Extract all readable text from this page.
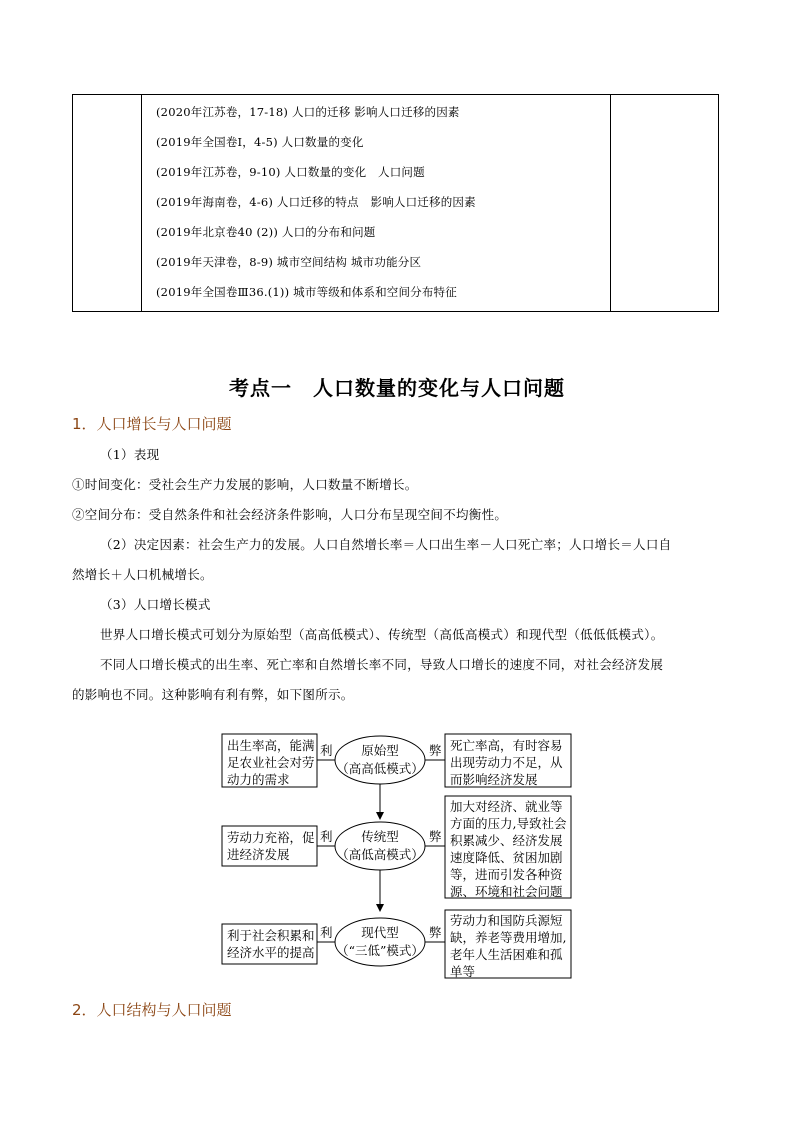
(2020年江苏卷，17-18) 人口的迁移 影响人口迁移的因素
(2019年全国卷Ⅰ，4-5) 人口数量的变化
(2019年江苏卷，9-10) 人口数量的变化　人口问题
(2019年海南卷，4-6) 人口迁移的特点　影响人口迁移的因素
(2019年北京卷40 (2)) 人口的分布和问题
(2019年天津卷，8-9) 城市空间结构 城市功能分区
(2019年全国卷Ⅲ36.(1)) 城市等级和体系和空间分布特征

考点一　人口数量的变化与人口问题
1．人口增长与人口问题
（1）表现
①时间变化：受社会生产力发展的影响，人口数量不断增长。
②空间分布：受自然条件和社会经济条件影响，人口分布呈现空间不均衡性。
（2）决定因素：社会生产力的发展。人口自然增长率＝人口出生率－人口死亡率；人口增长＝人口自
然增长＋人口机械增长。
（3）人口增长模式
世界人口增长模式可划分为原始型（高高低模式）、传统型（高低高模式）和现代型（低低低模式）。
不同人口增长模式的出生率、死亡率和自然增长率不同，导致人口增长的速度不同，对社会经济发展
的影响也不同。这种影响有利有弊，如下图所示。
出生率高，能满
足农业社会对劳
动力的需求
利	原始型
（高高低模式）
弊 死亡率高，有时容易
出现劳动力不足，从
而影响经济发展
劳动力充裕，促
进经济发展
利	传统型
（高低高模式）
弊
加大对经济、就业等
方面的压力,导致社会
积累减少、经济发展
速度降低、贫困加剧
等，进而引发各种资
源、环境和社会问题
利于社会积累和
经济水平的提高
利	现代型
（“三低”模式）
弊
劳动力和国防兵源短
缺，养老等费用增加,
老年人生活困难和孤
单等
2．人口结构与人口问题
